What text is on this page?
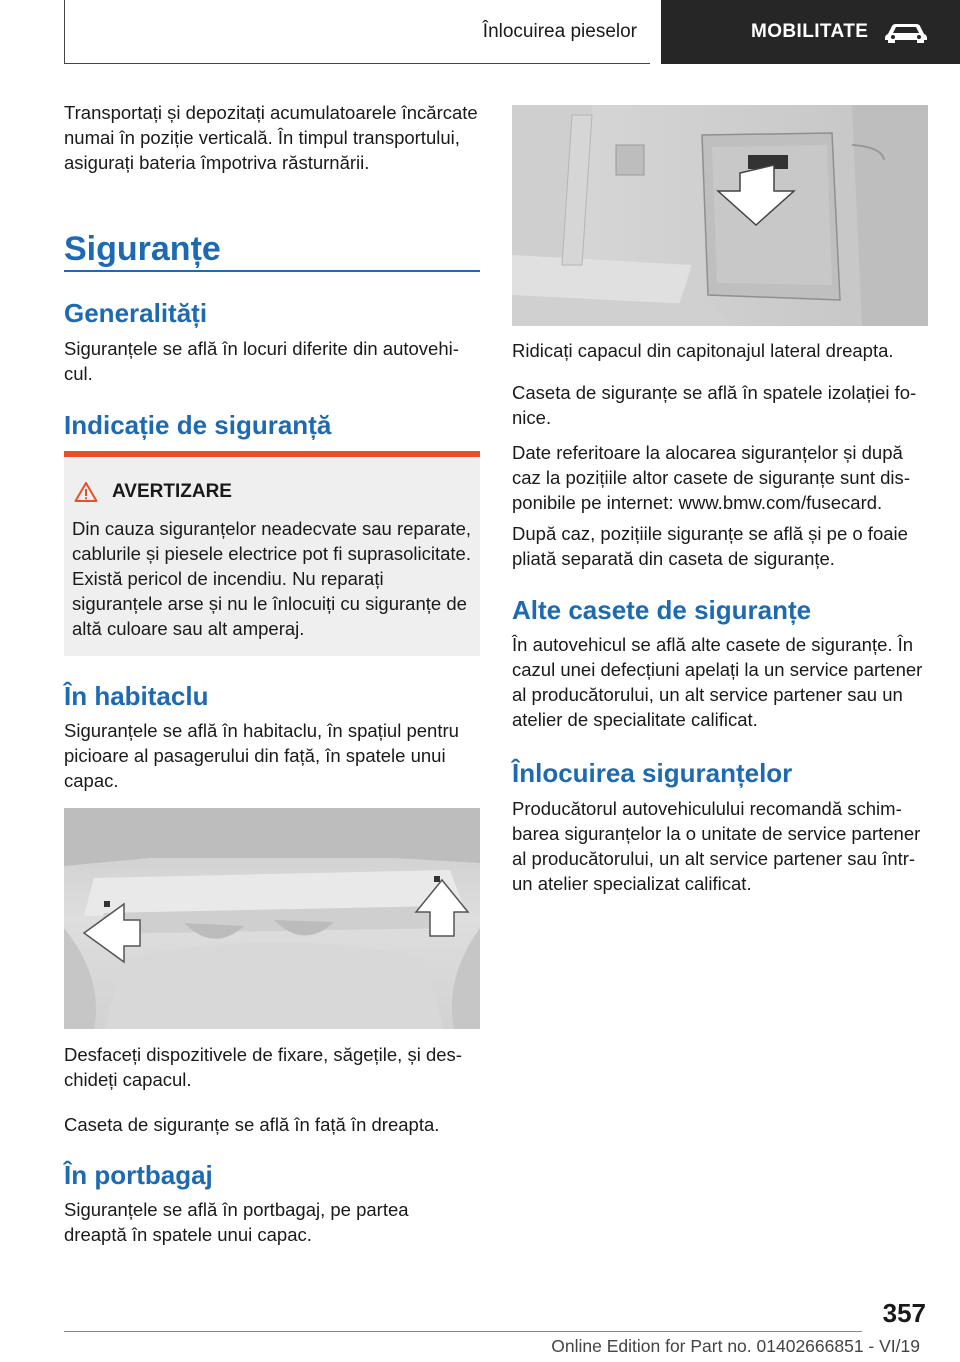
Înlocuirea pieselor	MOBILITATE

Transportați și depozitați acumulatoarele încărcate numai în poziție verticală. În timpul transportului, asigurați bateria împotriva răsturnării.

Siguranțe
Generalități

Siguranțele se află în locuri diferite din autovehicul.

Indicație de siguranță
AVERTIZARE

Din cauza siguranțelor neadecvate sau reparate, cablurile și piesele electrice pot fi suprasolicitate. Există pericol de incendiu. Nu reparați siguranțele arse și nu le înlocuiți cu siguranțe de altă culoare sau alt amperaj.

În habitaclu

Siguranțele se află în habitaclu, în spațiul pentru picioare al pasagerului din față, în spatele unui capac.

Desfaceți dispozitivele de fixare, săgețile, și deschideți capacul.

Caseta de siguranțe se află în față în dreapta.

În portbagaj

Siguranțele se află în portbagaj, pe partea dreaptă în spatele unui capac.

Ridicați capacul din capitonajul lateral dreapta.

Caseta de siguranțe se află în spatele izolației fonice.

Date referitoare la alocarea siguranțelor și după caz la pozițiile altor casete de siguranțe sunt disponibile pe internet: www.bmw.com/fusecard.

După caz, pozițiile siguranțe se află și pe o foaie pliată separată din caseta de siguranțe.

Alte casete de siguranțe

În autovehicul se află alte casete de siguranțe. În cazul unei defecțiuni apelați la un service partener al producătorului, un alt service partener sau un atelier de specialitate calificat.

Înlocuirea siguranțelor

Producătorul autovehiculului recomandă schimbarea siguranțelor la o unitate de service partener al producătorului, un alt service partener sau într-un atelier specializat calificat.

357
Online Edition for Part no. 01402666851 - VI/19
